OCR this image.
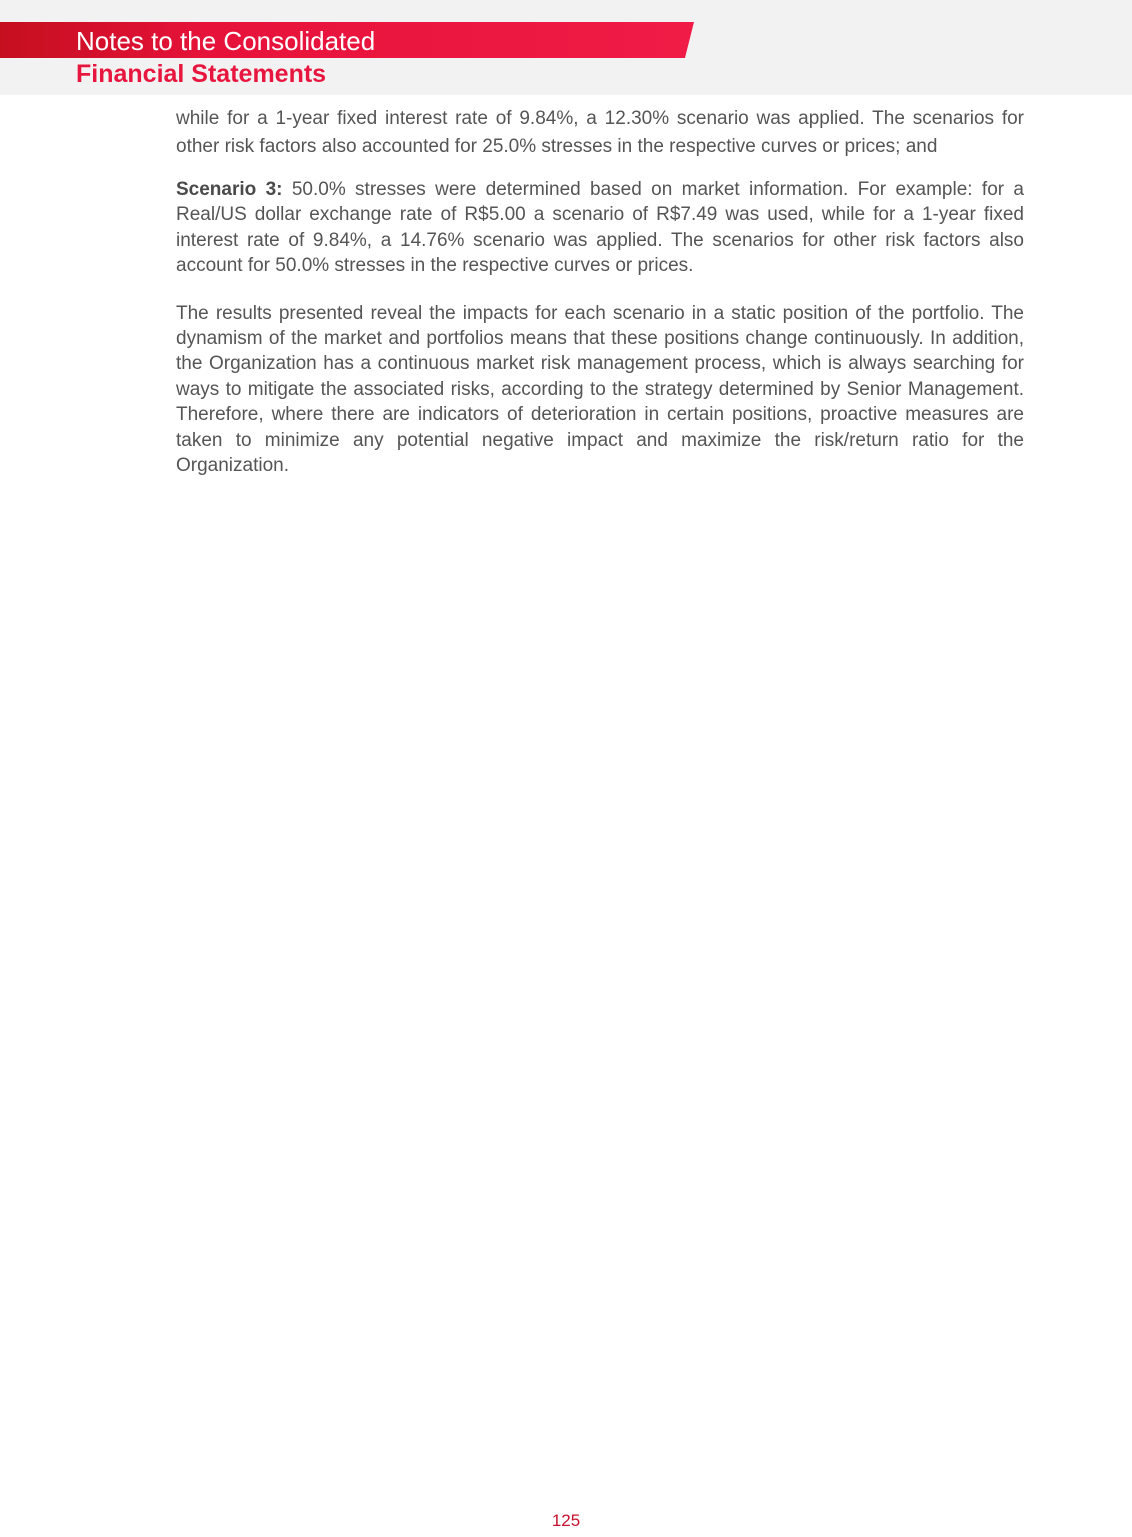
Notes to the Consolidated
Financial Statements

while for a 1-year fixed interest rate of 9.84%, a 12.30% scenario was applied. The scenarios for other risk factors also accounted for 25.0% stresses in the respective curves or prices; and

Scenario 3: 50.0% stresses were determined based on market information. For example: for a Real/US dollar exchange rate of R$5.00 a scenario of R$7.49 was used, while for a 1-year fixed interest rate of 9.84%, a 14.76% scenario was applied. The scenarios for other risk factors also account for 50.0% stresses in the respective curves or prices.

The results presented reveal the impacts for each scenario in a static position of the portfolio. The dynamism of the market and portfolios means that these positions change continuously. In addition, the Organization has a continuous market risk management process, which is always searching for ways to mitigate the associated risks, according to the strategy determined by Senior Management. Therefore, where there are indicators of deterioration in certain positions, proactive measures are taken to minimize any potential negative impact and maximize the risk/return ratio for the Organization.

125
